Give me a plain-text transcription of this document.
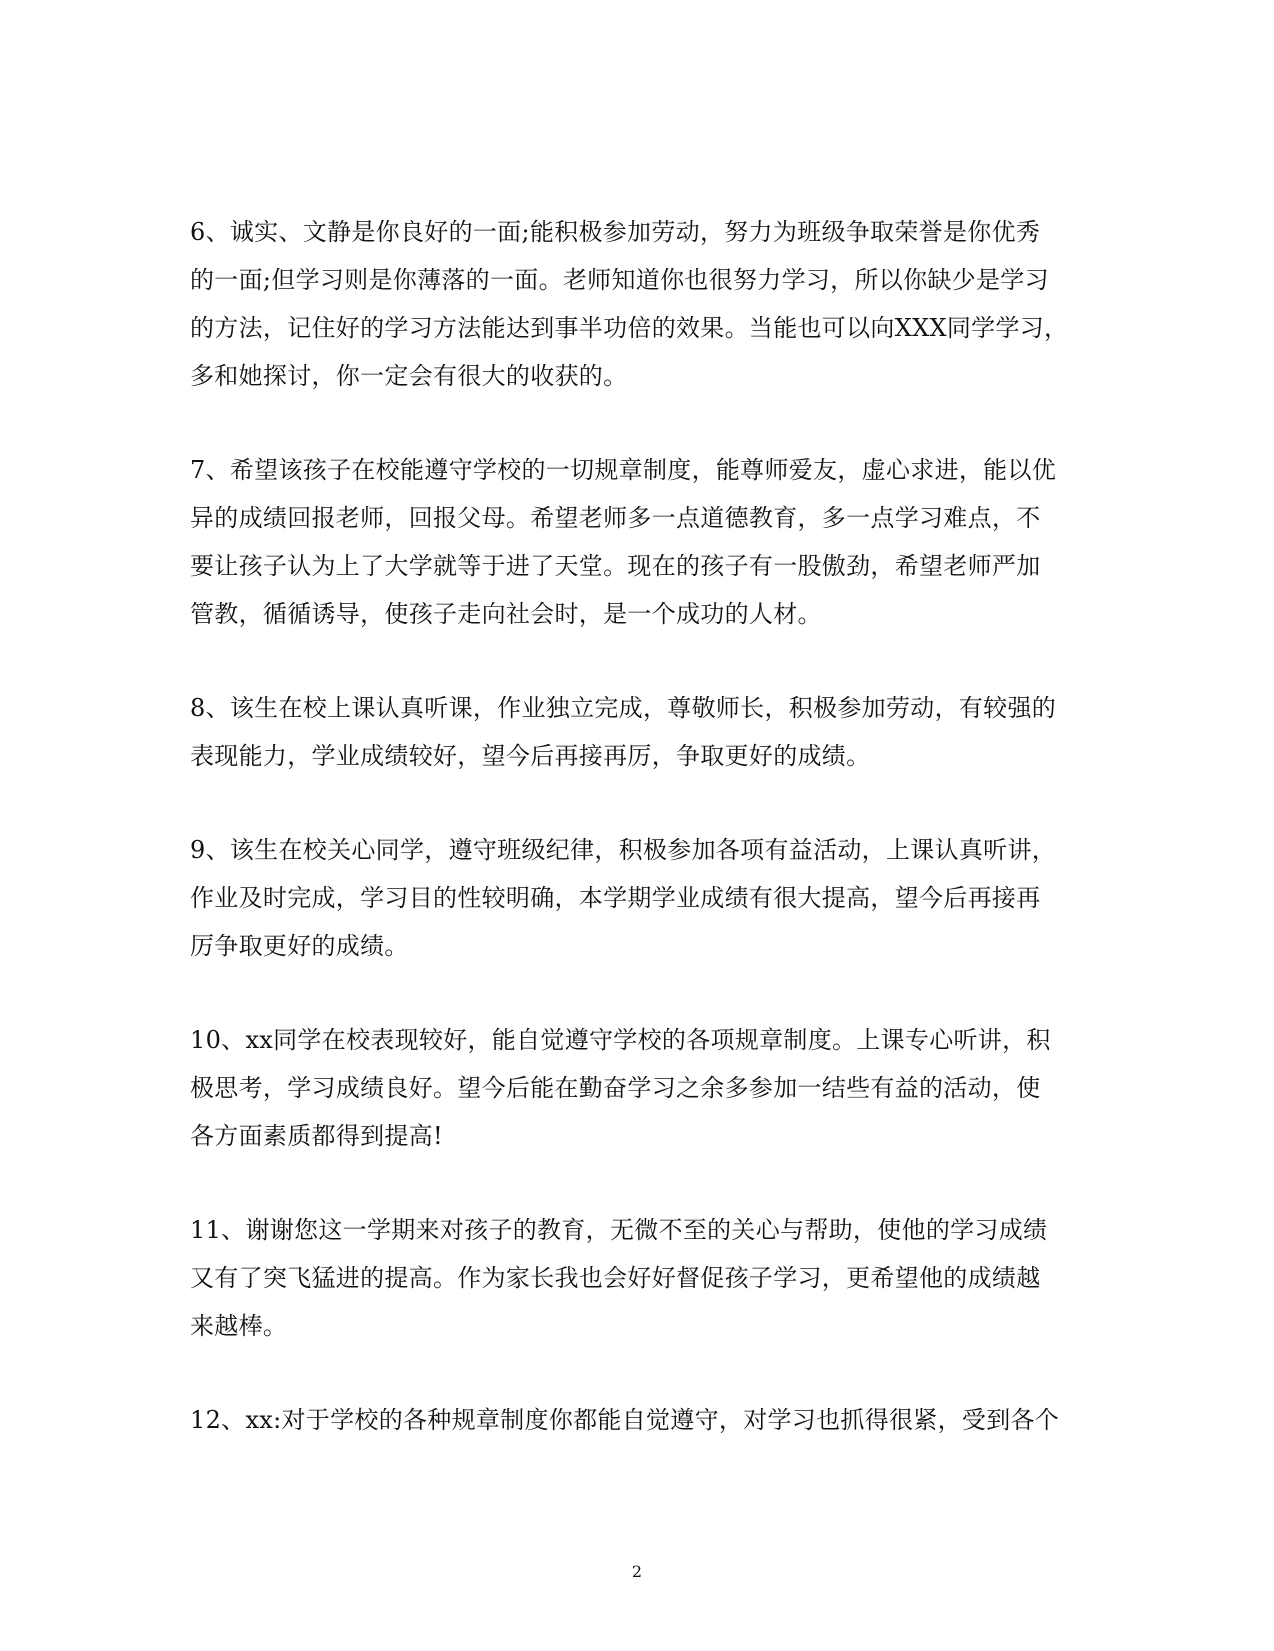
6、诚实、文静是你良好的一面;能积极参加劳动，努力为班级争取荣誉是你优秀
的一面;但学习则是你薄落的一面。老师知道你也很努力学习，所以你缺少是学习
的方法，记住好的学习方法能达到事半功倍的效果。当能也可以向XXX同学学习，
多和她探讨，你一定会有很大的收获的。

7、希望该孩子在校能遵守学校的一切规章制度，能尊师爱友，虚心求进，能以优
异的成绩回报老师，回报父母。希望老师多一点道德教育，多一点学习难点，不
要让孩子认为上了大学就等于进了天堂。现在的孩子有一股傲劲，希望老师严加
管教，循循诱导，使孩子走向社会时，是一个成功的人材。

8、该生在校上课认真听课，作业独立完成，尊敬师长，积极参加劳动，有较强的
表现能力，学业成绩较好，望今后再接再厉，争取更好的成绩。

9、该生在校关心同学，遵守班级纪律，积极参加各项有益活动，上课认真听讲，
作业及时完成，学习目的性较明确，本学期学业成绩有很大提高，望今后再接再
厉争取更好的成绩。

10、xx同学在校表现较好，能自觉遵守学校的各项规章制度。上课专心听讲，积
极思考，学习成绩良好。望今后能在勤奋学习之余多参加一结些有益的活动，使
各方面素质都得到提高!

11、谢谢您这一学期来对孩子的教育，无微不至的关心与帮助，使他的学习成绩
又有了突飞猛进的提高。作为家长我也会好好督促孩子学习，更希望他的成绩越
来越棒。

12、xx:对于学校的各种规章制度你都能自觉遵守，对学习也抓得很紧，受到各个

2
